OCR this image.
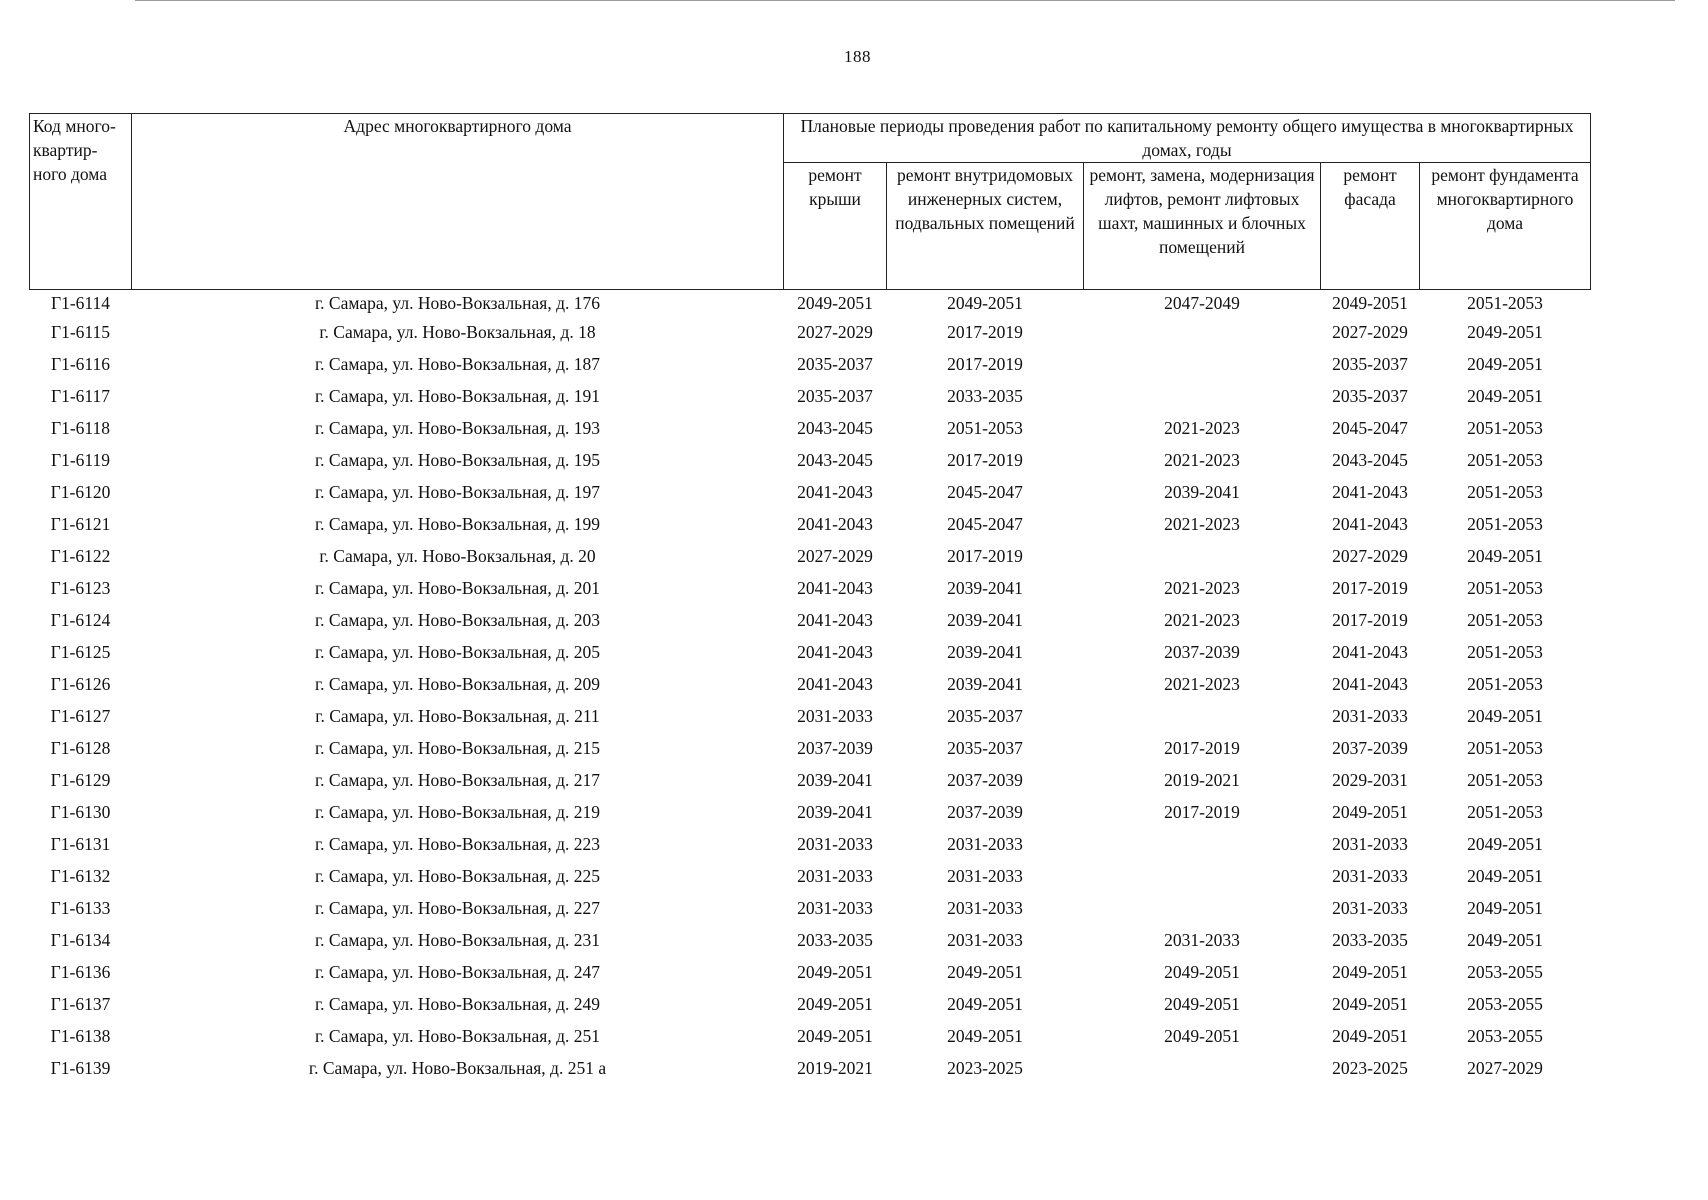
188
Код много-квартир-ного дома	Адрес многоквартирного дома	Плановые периоды проведения работ по капитальному ремонту общего имущества в многоквартирных домах, годы				
		ремонт крыши	ремонт внутридомовых инженерных систем, подвальных помещений	ремонт, замена, модернизация лифтов, ремонт лифтовых шахт, машинных и блочных помещений	ремонт фасада	ремонт фундамента многоквартирного дома
Г1-6114	г. Самара, ул. Ново-Вокзальная, д. 176	2049-2051	2049-2051	2047-2049	2049-2051	2051-2053
Г1-6115	г. Самара, ул. Ново-Вокзальная, д. 18	2027-2029	2017-2019		2027-2029	2049-2051
Г1-6116	г. Самара, ул. Ново-Вокзальная, д. 187	2035-2037	2017-2019		2035-2037	2049-2051
Г1-6117	г. Самара, ул. Ново-Вокзальная, д. 191	2035-2037	2033-2035		2035-2037	2049-2051
Г1-6118	г. Самара, ул. Ново-Вокзальная, д. 193	2043-2045	2051-2053	2021-2023	2045-2047	2051-2053
Г1-6119	г. Самара, ул. Ново-Вокзальная, д. 195	2043-2045	2017-2019	2021-2023	2043-2045	2051-2053
Г1-6120	г. Самара, ул. Ново-Вокзальная, д. 197	2041-2043	2045-2047	2039-2041	2041-2043	2051-2053
Г1-6121	г. Самара, ул. Ново-Вокзальная, д. 199	2041-2043	2045-2047	2021-2023	2041-2043	2051-2053
Г1-6122	г. Самара, ул. Ново-Вокзальная, д. 20	2027-2029	2017-2019		2027-2029	2049-2051
Г1-6123	г. Самара, ул. Ново-Вокзальная, д. 201	2041-2043	2039-2041	2021-2023	2017-2019	2051-2053
Г1-6124	г. Самара, ул. Ново-Вокзальная, д. 203	2041-2043	2039-2041	2021-2023	2017-2019	2051-2053
Г1-6125	г. Самара, ул. Ново-Вокзальная, д. 205	2041-2043	2039-2041	2037-2039	2041-2043	2051-2053
Г1-6126	г. Самара, ул. Ново-Вокзальная, д. 209	2041-2043	2039-2041	2021-2023	2041-2043	2051-2053
Г1-6127	г. Самара, ул. Ново-Вокзальная, д. 211	2031-2033	2035-2037		2031-2033	2049-2051
Г1-6128	г. Самара, ул. Ново-Вокзальная, д. 215	2037-2039	2035-2037	2017-2019	2037-2039	2051-2053
Г1-6129	г. Самара, ул. Ново-Вокзальная, д. 217	2039-2041	2037-2039	2019-2021	2029-2031	2051-2053
Г1-6130	г. Самара, ул. Ново-Вокзальная, д. 219	2039-2041	2037-2039	2017-2019	2049-2051	2051-2053
Г1-6131	г. Самара, ул. Ново-Вокзальная, д. 223	2031-2033	2031-2033		2031-2033	2049-2051
Г1-6132	г. Самара, ул. Ново-Вокзальная, д. 225	2031-2033	2031-2033		2031-2033	2049-2051
Г1-6133	г. Самара, ул. Ново-Вокзальная, д. 227	2031-2033	2031-2033		2031-2033	2049-2051
Г1-6134	г. Самара, ул. Ново-Вокзальная, д. 231	2033-2035	2031-2033	2031-2033	2033-2035	2049-2051
Г1-6136	г. Самара, ул. Ново-Вокзальная, д. 247	2049-2051	2049-2051	2049-2051	2049-2051	2053-2055
Г1-6137	г. Самара, ул. Ново-Вокзальная, д. 249	2049-2051	2049-2051	2049-2051	2049-2051	2053-2055
Г1-6138	г. Самара, ул. Ново-Вокзальная, д. 251	2049-2051	2049-2051	2049-2051	2049-2051	2053-2055
Г1-6139	г. Самара, ул. Ново-Вокзальная, д. 251 а	2019-2021	2023-2025		2023-2025	2027-2029
